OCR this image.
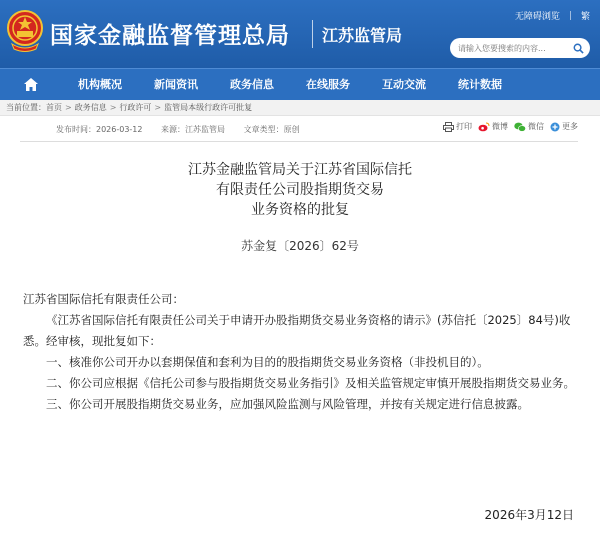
国家金融监督管理总局 江苏监管局
无障碍浏览 | 繁
请输入您要搜索的内容...
机构概况	新闻资讯	政务信息	在线服务	互动交流	统计数据
当前位置：首页 > 政务信息 > 行政许可 > 监管局本级行政许可批复
发布时间：2026-03-12 来源：江苏监管局 文章类型：原创	打印	微博	微信 更多
江苏金融监管局关于江苏省国际信托
有限责任公司股指期货交易
业务资格的批复
苏金复〔2026〕62号

江苏省国际信托有限责任公司：

《江苏省国际信托有限责任公司关于申请开办股指期货交易业务资格的请示》(苏信托〔2025〕84号)收悉。经审核，现批复如下：

一、核准你公司开办以套期保值和套利为目的的股指期货交易业务资格（非投机目的）。

二、你公司应根据《信托公司参与股指期货交易业务指引》及相关监管规定审慎开展股指期货交易业务。

三、你公司开展股指期货交易业务，应加强风险监测与风险管理，并按有关规定进行信息披露。

2026年3月12日
